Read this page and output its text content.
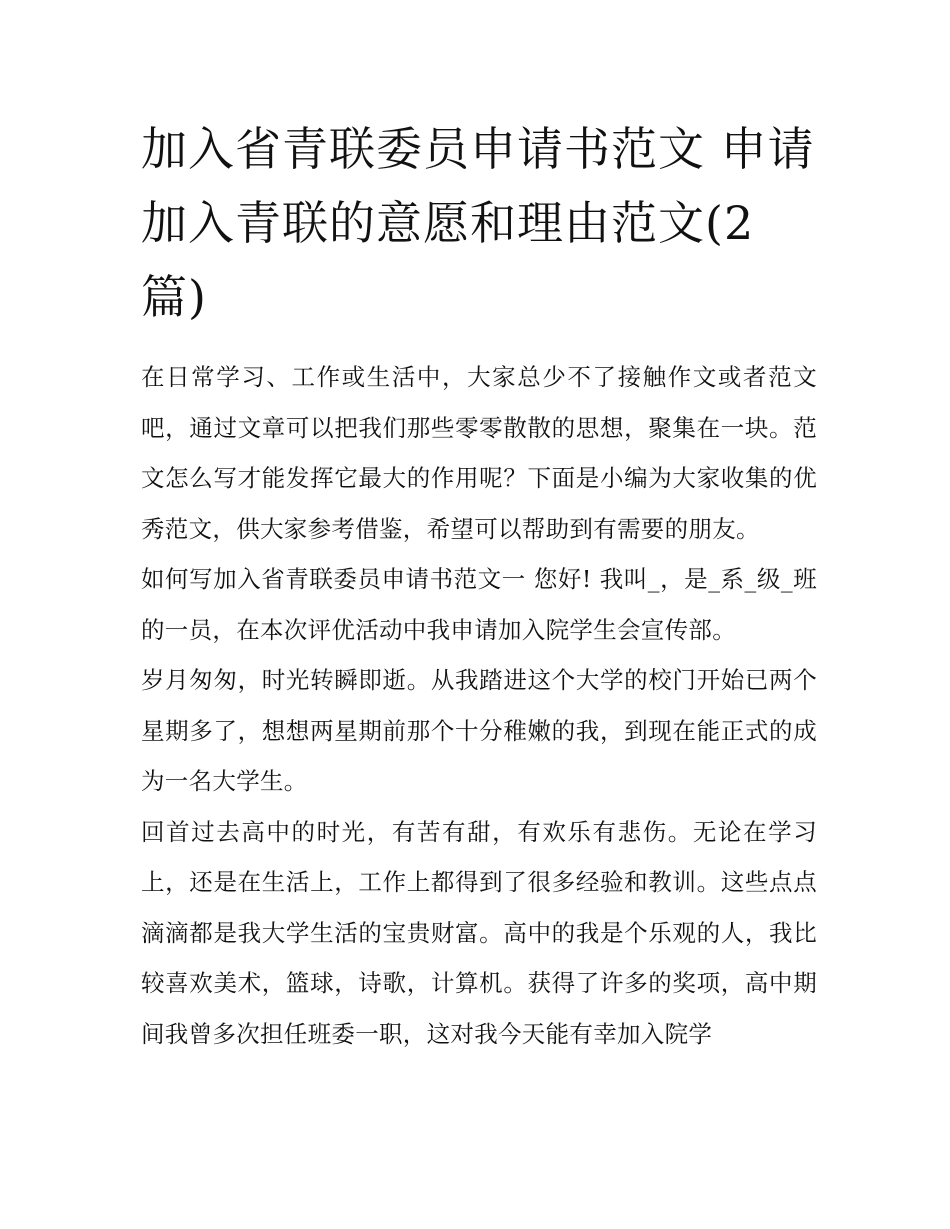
加入省青联委员申请书范文 申请加入青联的意愿和理由范文(2篇)

在日常学习、工作或生活中，大家总少不了接触作文或者范文吧，通过文章可以把我们那些零零散散的思想，聚集在一块。范文怎么写才能发挥它最大的作用呢？下面是小编为大家收集的优秀范文，供大家参考借鉴，希望可以帮助到有需要的朋友。

如何写加入省青联委员申请书范文一 您好! 我叫_，是_系_级_班的一员，在本次评优活动中我申请加入院学生会宣传部。

岁月匆匆，时光转瞬即逝。从我踏进这个大学的校门开始已两个星期多了，想想两星期前那个十分稚嫩的我，到现在能正式的成为一名大学生。

回首过去高中的时光，有苦有甜，有欢乐有悲伤。无论在学习上，还是在生活上，工作上都得到了很多经验和教训。这些点点滴滴都是我大学生活的宝贵财富。高中的我是个乐观的人，我比较喜欢美术，篮球，诗歌，计算机。获得了许多的奖项，高中期间我曾多次担任班委一职，这对我今天能有幸加入院学
